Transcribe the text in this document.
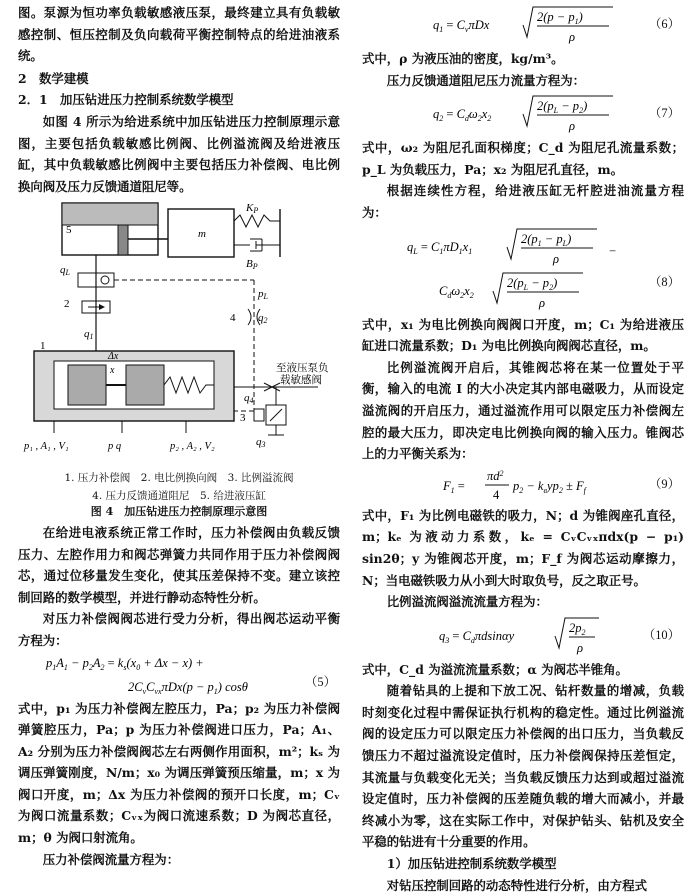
图。泵源为恒功率负载敏感液压泵，最终建立具有负载敏感控制、恒压控制及负向载荷平衡控制特点的给进油液系统。

2　数学建模
2．1　加压钻进压力控制系统数学模型

如图 4 所示为给进系统中加压钻进压力控制原理示意图，主要包括负载敏感比例阀、比例溢流阀及给进液压缸，其中负载敏感比例阀中主要包括压力补偿阀、电比例换向阀及压力反馈通道阻尼等。

5	m
KP
BP
qL
2
q1
pL
4 q2
1
Δx
x	至液压泵负
载敏感阀
q4
3
q3
p₁ , A₁ , V₁	p q	p₂ , A₂ , V₂
1. 压力补偿阀　2. 电比例换向阀　3. 比例溢流阀
4. 压力反馈通道阻尼　5. 给进液压缸
图 4　加压钻进压力控制原理示意图

在给进电液系统正常工作时，压力补偿阀由负载反馈压力、左腔作用力和阀芯弹簧力共同作用于压力补偿阀阀芯，通过位移量发生变化，使其压差保持不变。建立该控制回路的数学模型，并进行静动态特性分析。

对压力补偿阀阀芯进行受力分析，得出阀芯运动平衡方程为：

$p_1A_1 - p_2A_2 = k_s(x_0 + \Delta x - x)$ +
$2C_vC_{vx}\pi Dx(p - p_1)$ cosθ	（5）

式中，p₁ 为压力补偿阀左腔压力，Pa；p₂ 为压力补偿阀弹簧腔压力，Pa；p 为压力补偿阀进口压力，Pa；A₁、A₂ 分别为压力补偿阀阀芯左右两侧作用面积，m²；kₛ 为调压弹簧刚度，N/m；x₀ 为调压弹簧预压缩量，m；x 为阀口开度，m；Δx 为压力补偿阀的预开口长度，m；Cᵥ 为阀口流量系数；Cᵥₓ为阀口流速系数；D 为阀芯直径，m；θ 为阀口射流角。

压力补偿阀流量方程为：

$q_1 = C_v\pi Dx$
$2(p - p_1)$
ρ
（6）

式中，ρ 为液压油的密度，kg/m³。

压力反馈通道阻尼压力流量方程为：

$q_2 = C_d\omega_2x_2$
$2(p_L - p_2)$
ρ
（7）

式中，ω₂ 为阻尼孔面积梯度；C_d 为阻尼孔流量系数；p_L 为负载压力，Pa；x₂ 为阻尼孔直径，m。

根据连续性方程，给进液压缸无杆腔进油流量方程为：

$q_L = C_1\pi D_1x_1$
$2(p_1 - p_L)$
ρ
−
$C_d\omega_2x_2$
$2(p_L - p_2)$
ρ
（8）

式中，x₁ 为电比例换向阀阀口开度，m；C₁ 为给进液压缸进口流量系数；D₁ 为电比例换向阀阀芯直径，m。

比例溢流阀开启后，其锥阀芯将在某一位置处于平衡，输入的电流 I 的大小决定其内部电磁吸力，从而设定溢流阀的开启压力，通过溢流作用可以限定压力补偿阀左腔的最大压力，即决定电比例换向阀的输入压力。锥阀芯上的力平衡关系为：

$F_1$ =
$\pi d^2$
4
$p_2 - k_eyp_2 \pm F_f$	（9）

式中，F₁ 为比例电磁铁的吸力，N；d 为锥阀座孔直径，m；kₑ 为液动力系数，kₑ = CᵥCᵥₓπdx(p − p₁) sin2θ；y 为锥阀芯开度，m；F_f 为阀芯运动摩擦力，N；当电磁铁吸力从小到大时取负号，反之取正号。

比例溢流阀溢流流量方程为：

$q_3 = C_d\pi dsin\alpha y$
$2p_2$
ρ
（10）

式中，C_d 为溢流流量系数；α 为阀芯半锥角。

随着钻具的上提和下放工况、钻杆数量的增减，负载时刻变化过程中需保证执行机构的稳定性。通过比例溢流阀的设定压力可以限定压力补偿阀的出口压力，当负载反馈压力不超过溢流设定值时，压力补偿阀保持压差恒定，其流量与负载变化无关；当负载反馈压力达到或超过溢流设定值时，压力补偿阀的压差随负载的增大而减小，并最终减小为零，这在实际工作中，对保护钻头、钻机及安全平稳的钻进有十分重要的作用。

1）加压钻进控制系统数学模型

对钻压控制回路的动态特性进行分析，由方程式
